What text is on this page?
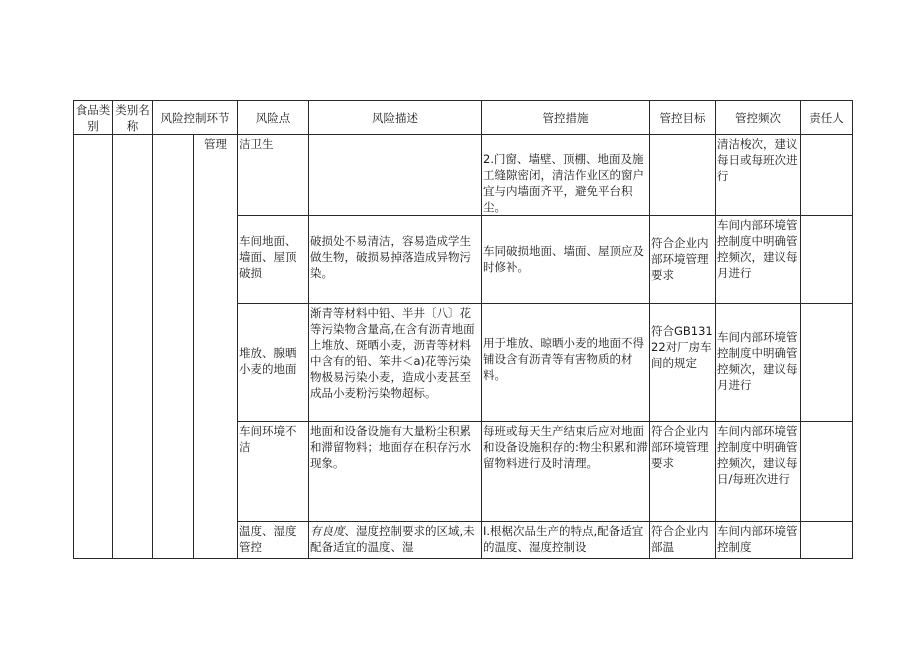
食品类别	类别名称	风险控制环节		风险点	风险描述	管控措施	管控目标	管控频次	责任人
			管理	洁卫生		2.门窗、墙壁、顶棚、地面及施工缝隙密闭，清洁作业区的窗户宜与内墙面齐平，避免平台积尘。		清洁梭次，建议每日或每班次进行	

				车间地面、墙面、屋顶破损	破损处不易清洁，容易造成学生做生物，破损易掉落造成异物污染。	车同破损地面、墙面、屋顶应及时修补。	符合企业内部环境管理要求	车间内部环境管控制度中明确管控频次，建议每月进行	

				堆放、腺晒小麦的地面	渐青等材料中铅、半井〔八〕花等污染物含量高,在含有沥青地面上堆放、斑晒小麦，沥青等材料中含有的铅、笨井＜a)花等污染物极易污染小麦，造成小麦甚至成品小麦粉污染物超标。	用于堆放、晾晒小麦的地面不得铺设含有沥青等有害物质的材料。	符合GB13122对厂房车间的规定	车间内部环境管控制度中明确管控频次，建议每月进行	

				车间环境不洁	地面和设备设施有大量粉尘积累和滞留物料；地面存在积存污水现象。	每班或每天生产结束后应对地面和设备设施积存的:物尘积累和滞留物料进行及时清理。	符合企业内部环境管理要求	车间内部环境管控制度中明确管控频次，建议每日/每班次进行	
				温度、湿度管控	有良度、湿度控制要求的区域,未配备适宜的温度、湿	Ⅰ.根椐次品生产的特点,配备适宜的温度、湿度控制设	符合企业内部温	车间内部环境管控制度	
